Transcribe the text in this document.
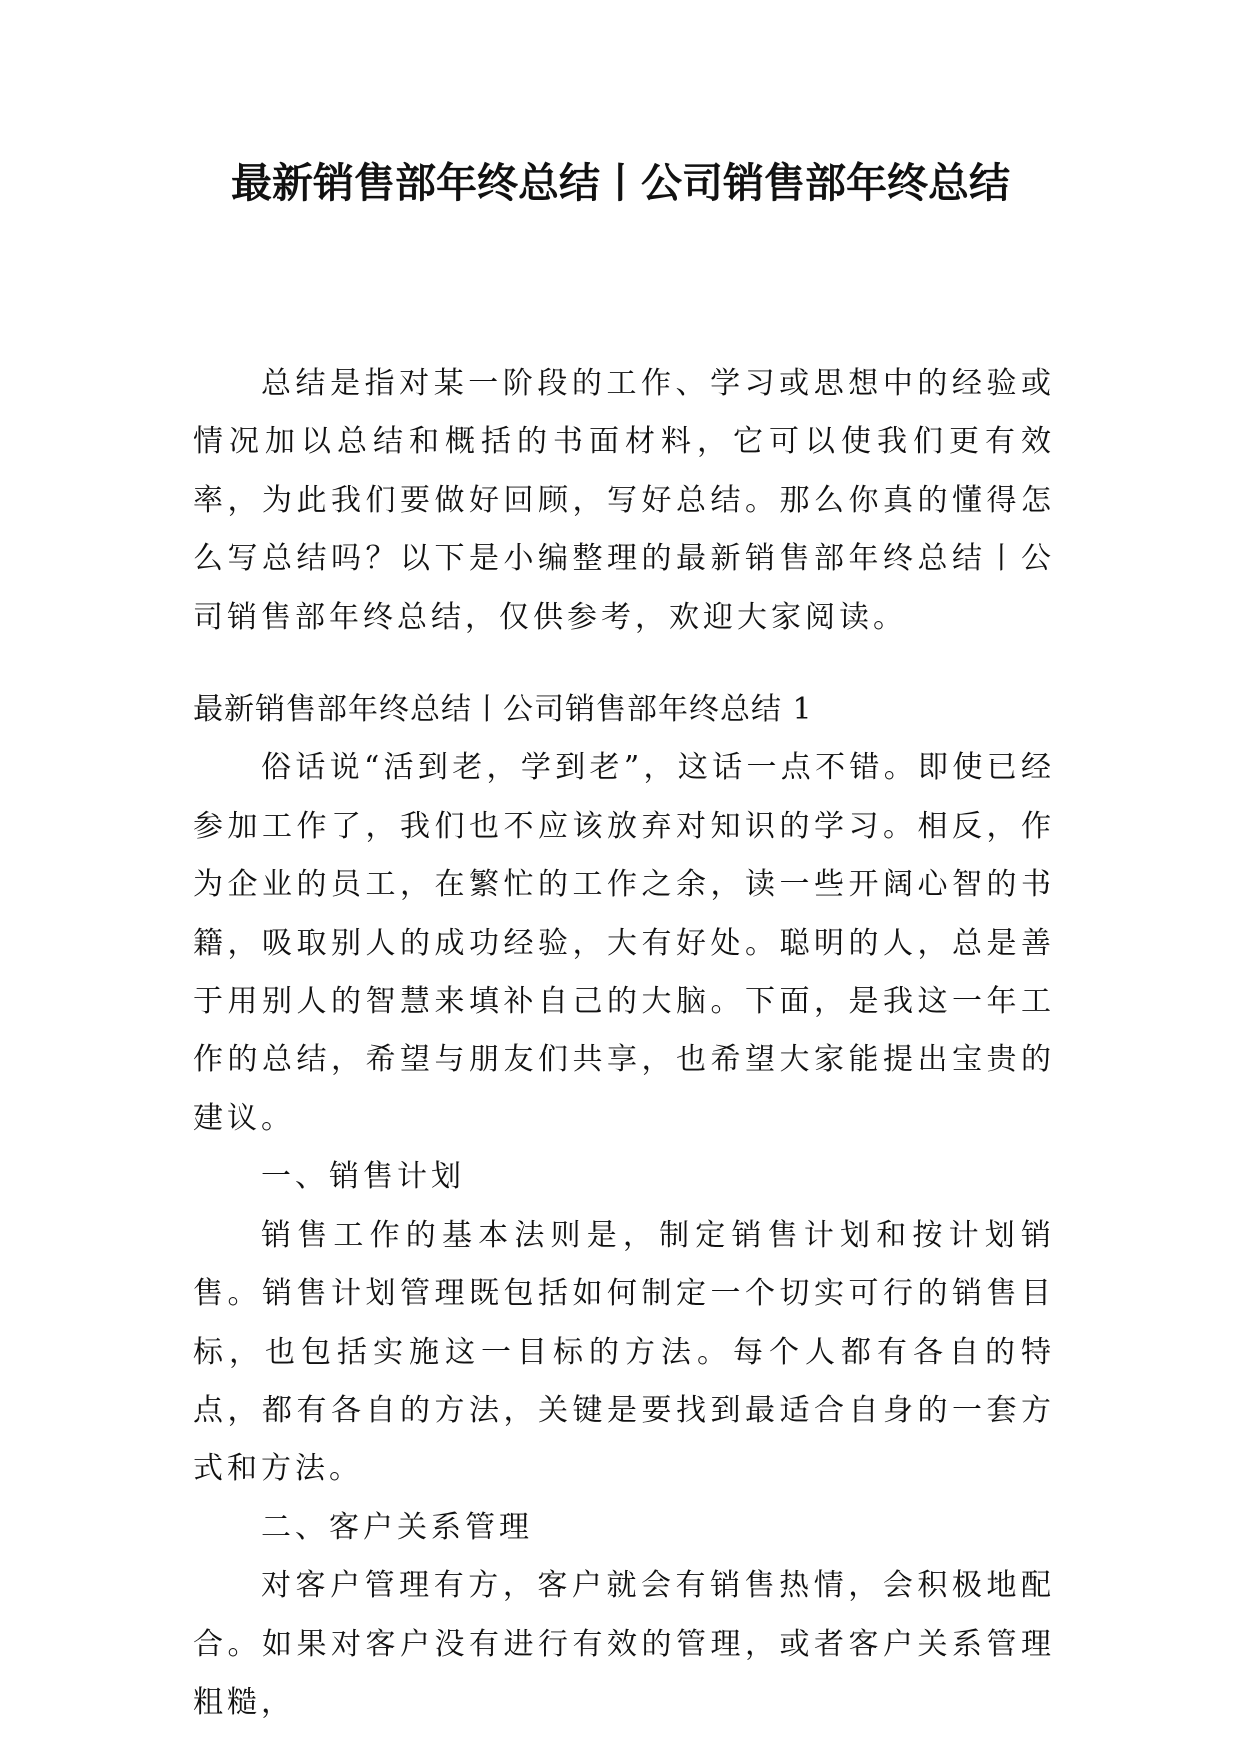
最新销售部年终总结丨公司销售部年终总结

总结是指对某一阶段的工作、学习或思想中的经验或情况加以总结和概括的书面材料，它可以使我们更有效率，为此我们要做好回顾，写好总结。那么你真的懂得怎么写总结吗？以下是小编整理的最新销售部年终总结丨公司销售部年终总结，仅供参考，欢迎大家阅读。

最新销售部年终总结丨公司销售部年终总结 1

俗话说“活到老，学到老”，这话一点不错。即使已经参加工作了，我们也不应该放弃对知识的学习。相反，作为企业的员工，在繁忙的工作之余，读一些开阔心智的书籍，吸取别人的成功经验，大有好处。聪明的人，总是善于用别人的智慧来填补自己的大脑。下面，是我这一年工作的总结，希望与朋友们共享，也希望大家能提出宝贵的建议。

一、销售计划

销售工作的基本法则是，制定销售计划和按计划销售。销售计划管理既包括如何制定一个切实可行的销售目标，也包括实施这一目标的方法。每个人都有各自的特点，都有各自的方法，关键是要找到最适合自身的一套方式和方法。

二、客户关系管理

对客户管理有方，客户就会有销售热情，会积极地配合。如果对客户没有进行有效的管理，或者客户关系管理粗糙，
